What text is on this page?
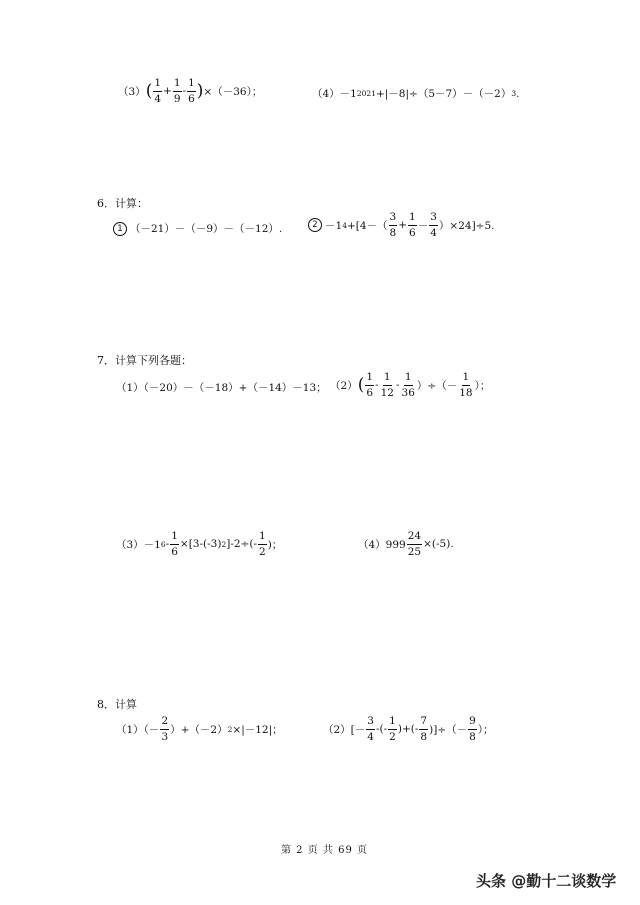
（3） ( $\frac{1}{4} + \frac{1}{9} - \frac{1}{6}$ ) ×（－36）；	（4）－1 2021 +|－8|÷（5－7）－（－2） 3 .
6．计算：
1 （－21）－（－9）－（－12）.	2 －1 $4 +[4-( \frac{3}{8} + \frac{1}{6} - \frac{3}{4} )\times 24]\div 5$.
7．计算下列各题：
（1）（－20）－（－18）+（－14）－13； （2） ( $\frac{1}{6} - \frac{1}{12} - \frac{1}{36}$ ）÷（－ $\frac{1}{18}$ ）；
（3）－1 $6 - \frac{1}{6} \times[3-(-3)$ 2 ]$-2\div(- \frac{1}{2}$ )；	$(4)999 \frac{24}{25} \times(-5)$.
8．计算
$(1)(- \frac{2}{3} )+(-2)$ 2 ×|－12|；	$(2)[- \frac{3}{4}$ -(- $\frac{1}{2}$ )+(- $\frac{7}{8}$ )]÷（－ $\frac{9}{8}$ ）；
第 2 页 共 69 页
头条 @勤十二谈数学
